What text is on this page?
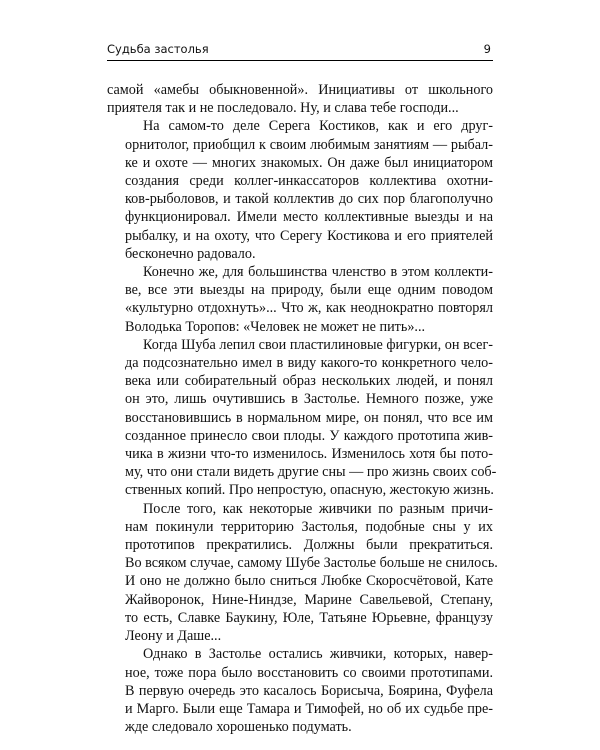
Судьба застолья	9

самой «амебы обыкновенной». Инициативы от школьного
приятеля так и не последовало. Ну, и слава тебе господи...

На самом-то деле Серега Костиков, как и его друг-
орнитолог, приобщил к своим любимым занятиям — рыбал-
ке и охоте — многих знакомых. Он даже был инициатором
создания среди коллег-инкассаторов коллектива охотни-
ков-рыболовов, и такой коллектив до сих пор благополучно
функционировал. Имели место коллективные выезды и на
рыбалку, и на охоту, что Серегу Костикова и его приятелей
бесконечно радовало.

Конечно же, для большинства членство в этом коллекти-
ве, все эти выезды на природу, были еще одним поводом
«культурно отдохнуть»... Что ж, как неоднократно повторял
Володька Торопов: «Человек не может не пить»...

Когда Шуба лепил свои пластилиновые фигурки, он всег-
да подсознательно имел в виду какого-то конкретного чело-
века или собирательный образ нескольких людей, и понял
он это, лишь очутившись в Застолье. Немного позже, уже
восстановившись в нормальном мире, он понял, что все им
созданное принесло свои плоды. У каждого прототипа жив-
чика в жизни что-то изменилось. Изменилось хотя бы пото-
му, что они стали видеть другие сны — про жизнь своих соб-
ственных копий. Про непростую, опасную, жестокую жизнь.

После того, как некоторые живчики по разным причи-
нам покинули территорию Застолья, подобные сны у их
прототипов прекратились. Должны были прекратиться.
Во всяком случае, самому Шубе Застолье больше не снилось.
И оно не должно было сниться Любке Скоросчётовой, Кате
Жайворонок, Нине-Ниндзе, Марине Савельевой, Степану,
то есть, Славке Баукину, Юле, Татьяне Юрьевне, французу
Леону и Даше...

Однако в Застолье остались живчики, которых, навер-
ное, тоже пора было восстановить со своими прототипами.
В первую очередь это касалось Борисыча, Боярина, Фуфела
и Марго. Были еще Тамара и Тимофей, но об их судьбе пре-
жде следовало хорошенько подумать.
